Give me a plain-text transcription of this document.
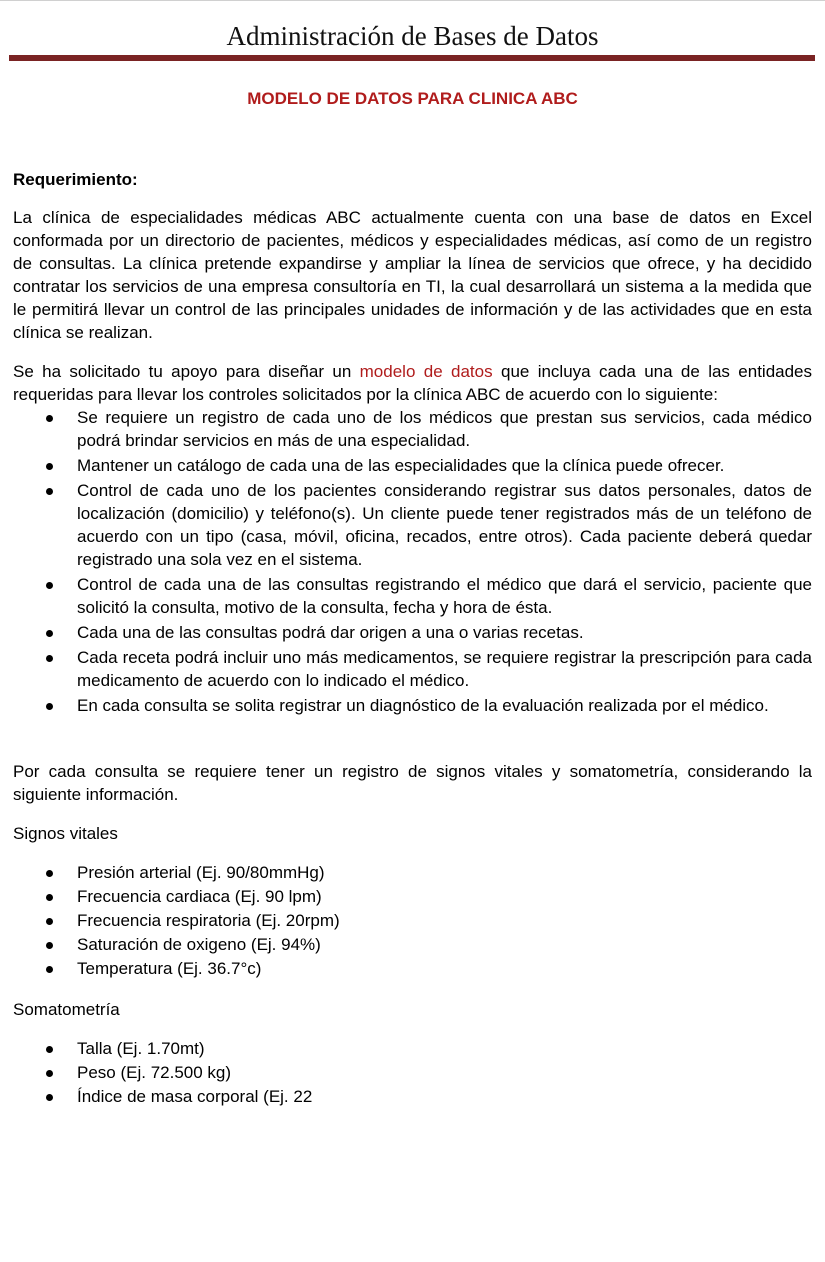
Administración de Bases de Datos
MODELO DE DATOS PARA CLINICA ABC

Requerimiento:

La clínica de especialidades médicas ABC actualmente cuenta con una base de datos en Excel conformada por un directorio de pacientes, médicos y especialidades médicas, así como de un registro de consultas. La clínica pretende expandirse y ampliar la línea de servicios que ofrece, y ha decidido contratar los servicios de una empresa consultoría en TI, la cual desarrollará un sistema a la medida que le permitirá llevar un control de las principales unidades de información y de las actividades que en esta clínica se realizan.

Se ha solicitado tu apoyo para diseñar un modelo de datos que incluya cada una de las entidades requeridas para llevar los controles solicitados por la clínica ABC de acuerdo con lo siguiente:

Se requiere un registro de cada uno de los médicos que prestan sus servicios, cada médico podrá brindar servicios en más de una especialidad.
Mantener un catálogo de cada una de las especialidades que la clínica puede ofrecer.
Control de cada uno de los pacientes considerando registrar sus datos personales, datos de localización (domicilio) y teléfono(s). Un cliente puede tener registrados más de un teléfono de acuerdo con un tipo (casa, móvil, oficina, recados, entre otros). Cada paciente deberá quedar registrado una sola vez en el sistema.
Control de cada una de las consultas registrando el médico que dará el servicio, paciente que solicitó la consulta, motivo de la consulta, fecha y hora de ésta.
Cada una de las consultas podrá dar origen a una o varias recetas.
Cada receta podrá incluir uno más medicamentos, se requiere registrar la prescripción para cada medicamento de acuerdo con lo indicado el médico.
En cada consulta se solita registrar un diagnóstico de la evaluación realizada por el médico.

Por cada consulta se requiere tener un registro de signos vitales y somatometría, considerando la siguiente información.

Signos vitales

Presión arterial (Ej. 90/80mmHg)
Frecuencia cardiaca (Ej. 90 lpm)
Frecuencia respiratoria (Ej. 20rpm)
Saturación de oxigeno (Ej. 94%)
Temperatura (Ej. 36.7°c)

Somatometría

Talla (Ej. 1.70mt)
Peso (Ej. 72.500 kg)
Índice de masa corporal (Ej. 22
